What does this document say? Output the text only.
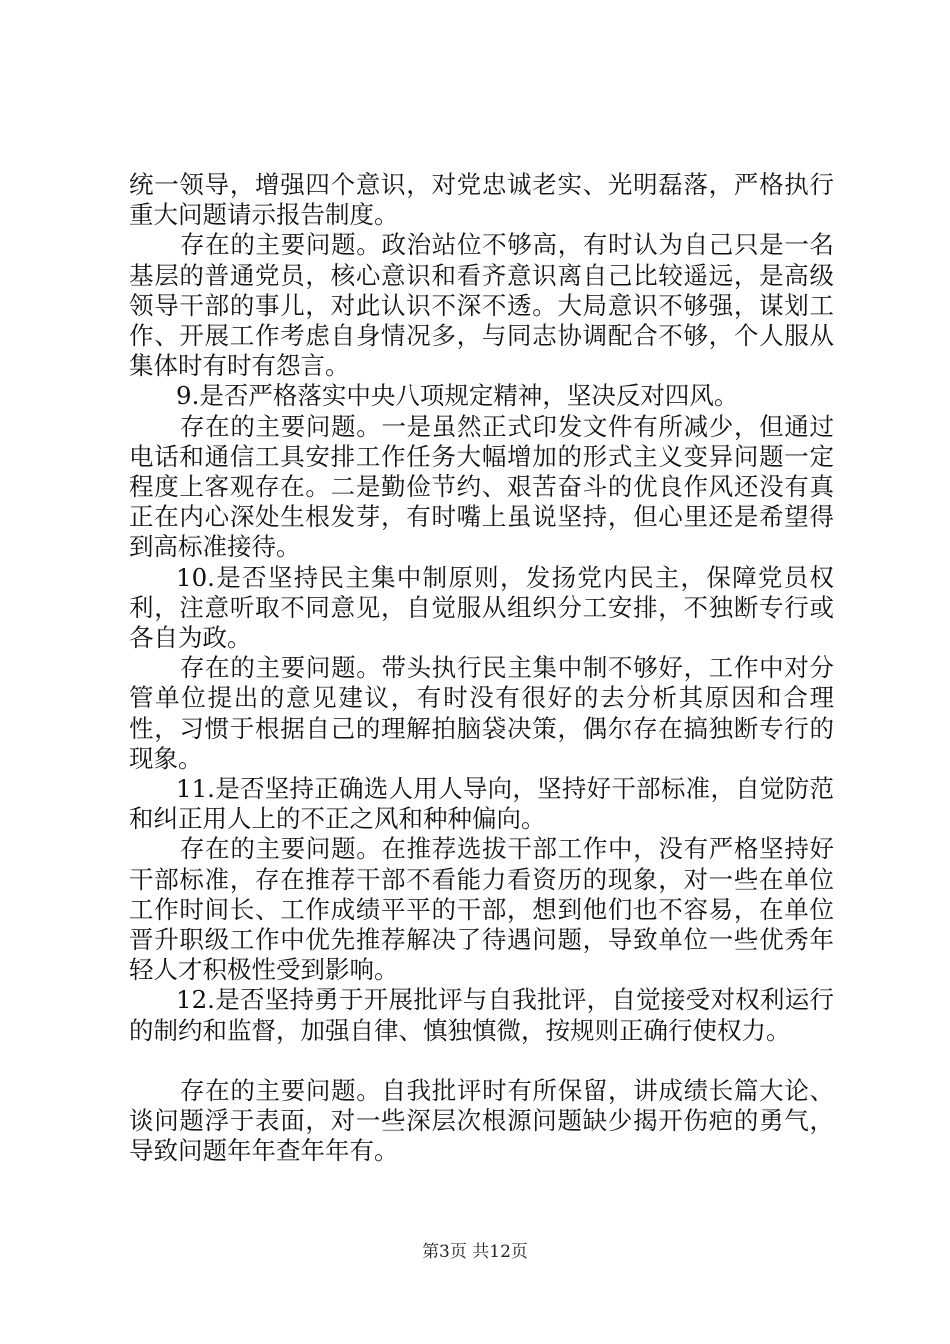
统一领导，增强四个意识，对党忠诚老实、光明磊落，严格执行重大问题请示报告制度。

存在的主要问题。政治站位不够高，有时认为自己只是一名基层的普通党员，核心意识和看齐意识离自己比较遥远，是高级领导干部的事儿，对此认识不深不透。大局意识不够强，谋划工作、开展工作考虑自身情况多，与同志协调配合不够，个人服从集体时有时有怨言。

9.是否严格落实中央八项规定精神，坚决反对四风。

存在的主要问题。一是虽然正式印发文件有所减少，但通过电话和通信工具安排工作任务大幅增加的形式主义变异问题一定程度上客观存在。二是勤俭节约、艰苦奋斗的优良作风还没有真正在内心深处生根发芽，有时嘴上虽说坚持，但心里还是希望得到高标准接待。

10.是否坚持民主集中制原则，发扬党内民主，保障党员权利，注意听取不同意见，自觉服从组织分工安排，不独断专行或各自为政。

存在的主要问题。带头执行民主集中制不够好，工作中对分管单位提出的意见建议，有时没有很好的去分析其原因和合理性，习惯于根据自己的理解拍脑袋决策，偶尔存在搞独断专行的现象。

11.是否坚持正确选人用人导向，坚持好干部标准，自觉防范和纠正用人上的不正之风和种种偏向。

存在的主要问题。在推荐选拔干部工作中，没有严格坚持好干部标准，存在推荐干部不看能力看资历的现象，对一些在单位工作时间长、工作成绩平平的干部，想到他们也不容易，在单位晋升职级工作中优先推荐解决了待遇问题，导致单位一些优秀年轻人才积极性受到影响。

12.是否坚持勇于开展批评与自我批评，自觉接受对权利运行的制约和监督，加强自律、慎独慎微，按规则正确行使权力。

存在的主要问题。自我批评时有所保留，讲成绩长篇大论、谈问题浮于表面，对一些深层次根源问题缺少揭开伤疤的勇气，导致问题年年查年年有。

第3页 共12页
